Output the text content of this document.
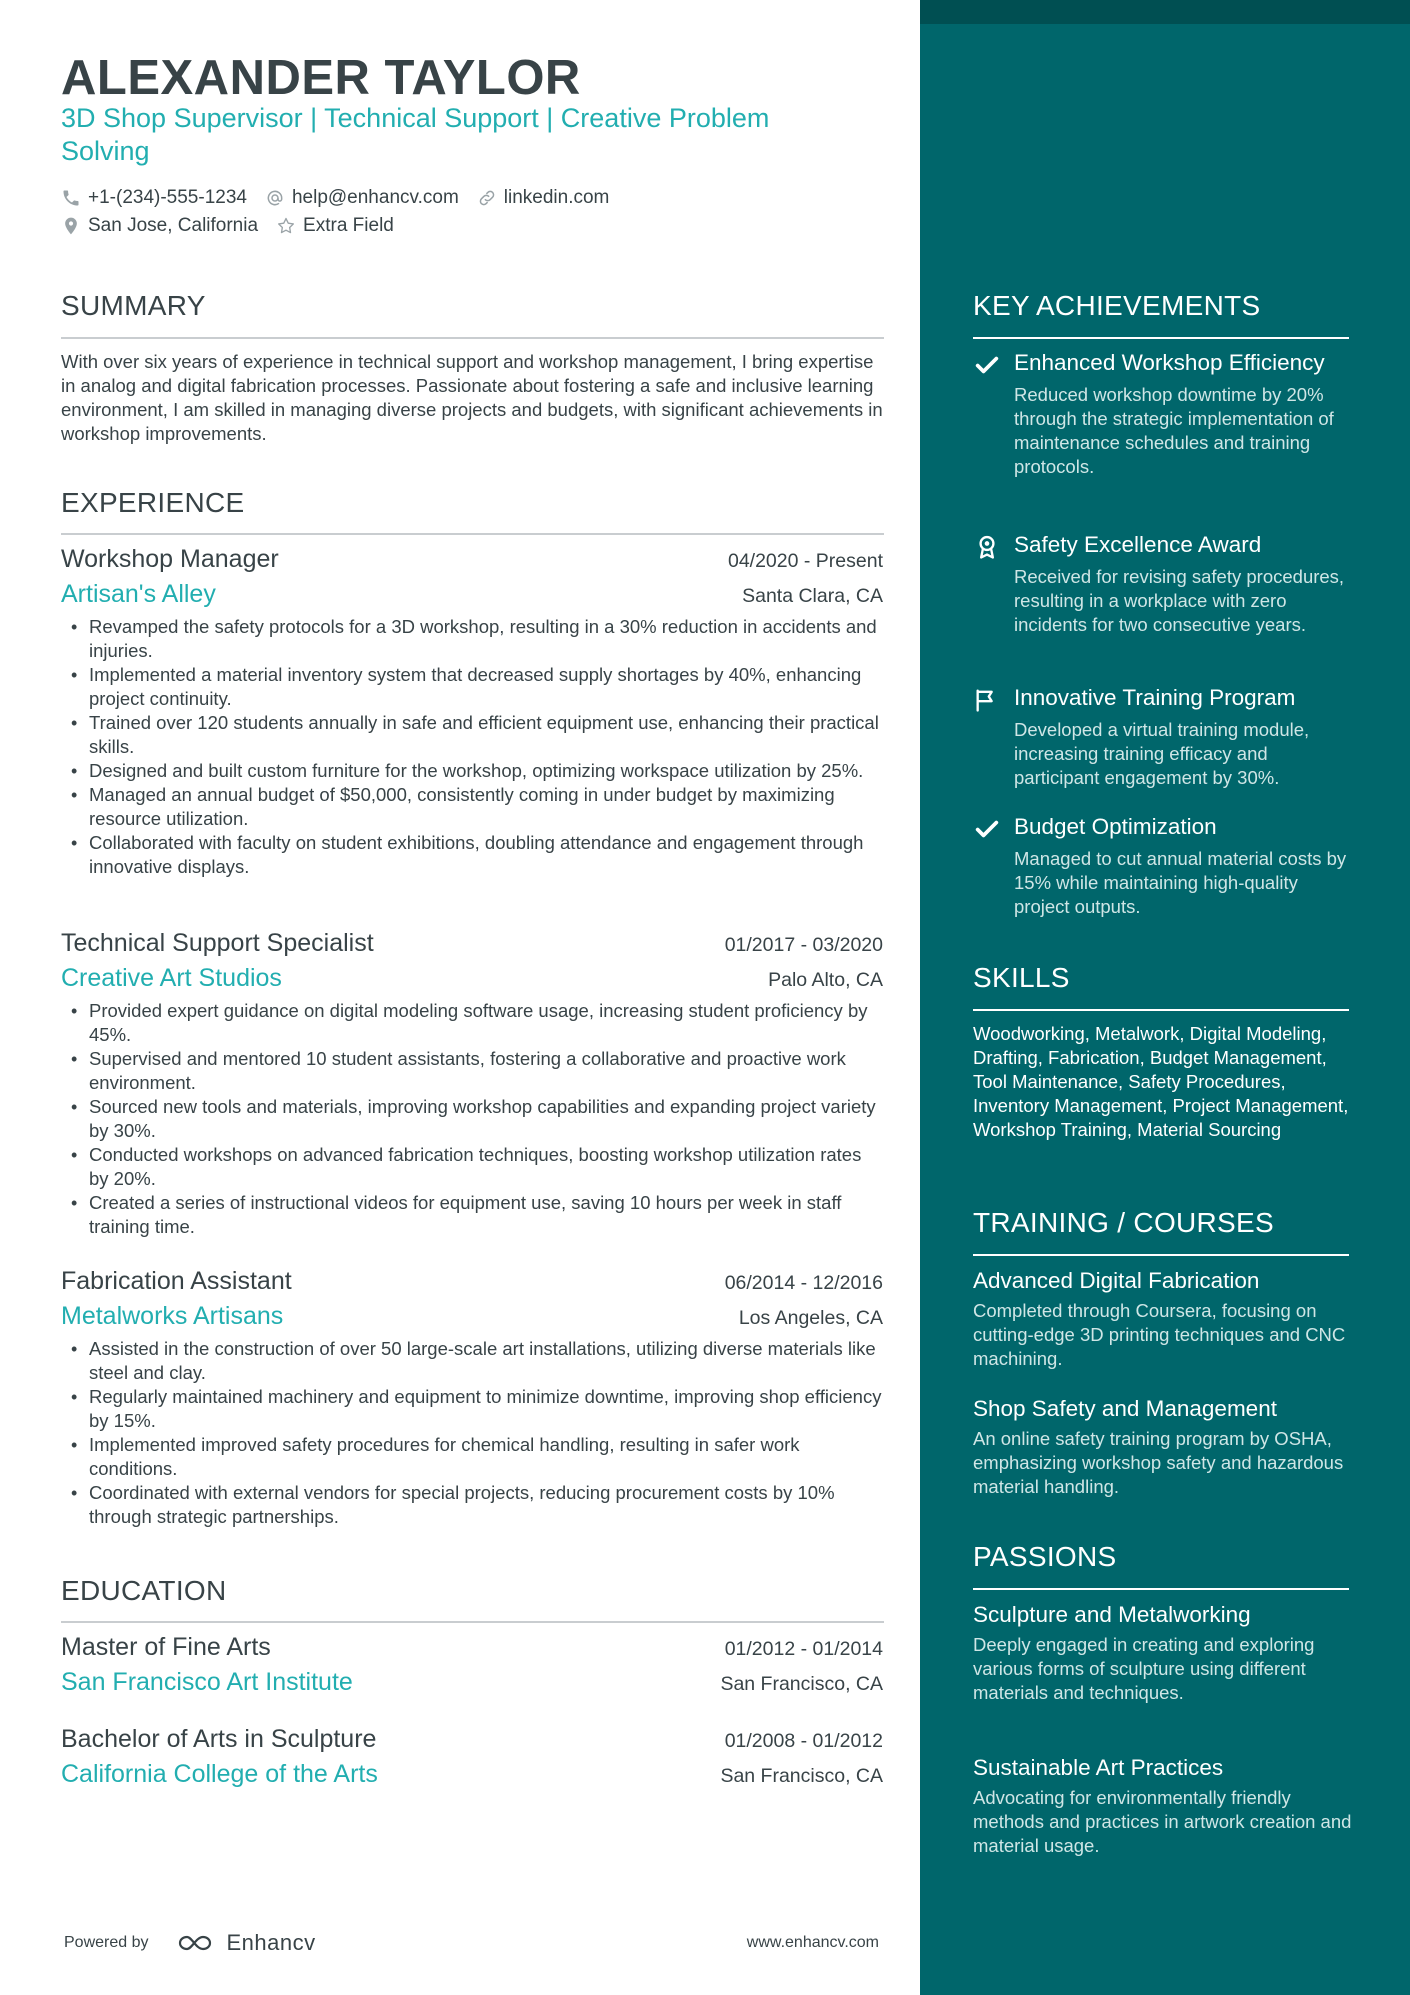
ALEXANDER TAYLOR
3D Shop Supervisor | Technical Support | Creative Problem Solving
+1-(234)-555-1234 help@enhancv.com linkedin.com
San Jose, California Extra Field
SUMMARY
With over six years of experience in technical support and workshop management, I bring expertise in analog and digital fabrication processes. Passionate about fostering a safe and inclusive learning environment, I am skilled in managing diverse projects and budgets, with significant achievements in workshop improvements.
EXPERIENCE
Workshop Manager	04/2020 - Present
Artisan's Alley	Santa Clara, CA
• Revamped the safety protocols for a 3D workshop, resulting in a 30% reduction in accidents and injuries.
• Implemented a material inventory system that decreased supply shortages by 40%, enhancing project continuity.
• Trained over 120 students annually in safe and efficient equipment use, enhancing their practical skills.
• Designed and built custom furniture for the workshop, optimizing workspace utilization by 25%.
• Managed an annual budget of $50,000, consistently coming in under budget by maximizing resource utilization.
• Collaborated with faculty on student exhibitions, doubling attendance and engagement through innovative displays.
Technical Support Specialist	01/2017 - 03/2020
Creative Art Studios	Palo Alto, CA
• Provided expert guidance on digital modeling software usage, increasing student proficiency by 45%.
• Supervised and mentored 10 student assistants, fostering a collaborative and proactive work environment.
• Sourced new tools and materials, improving workshop capabilities and expanding project variety by 30%.
• Conducted workshops on advanced fabrication techniques, boosting workshop utilization rates by 20%.
• Created a series of instructional videos for equipment use, saving 10 hours per week in staff training time.
Fabrication Assistant	06/2014 - 12/2016
Metalworks Artisans	Los Angeles, CA
• Assisted in the construction of over 50 large-scale art installations, utilizing diverse materials like steel and clay.
• Regularly maintained machinery and equipment to minimize downtime, improving shop efficiency by 15%.
• Implemented improved safety procedures for chemical handling, resulting in safer work conditions.
• Coordinated with external vendors for special projects, reducing procurement costs by 10% through strategic partnerships.
EDUCATION
Master of Fine Arts	01/2012 - 01/2014
San Francisco Art Institute	San Francisco, CA
Bachelor of Arts in Sculpture	01/2008 - 01/2012
California College of the Arts	San Francisco, CA
Powered by	Enhancv	www.enhancv.com
KEY ACHIEVEMENTS
Enhanced Workshop Efficiency
Reduced workshop downtime by 20% through the strategic implementation of maintenance schedules and training protocols.
Safety Excellence Award
Received for revising safety procedures, resulting in a workplace with zero incidents for two consecutive years.
Innovative Training Program
Developed a virtual training module, increasing training efficacy and participant engagement by 30%.
Budget Optimization
Managed to cut annual material costs by 15% while maintaining high-quality project outputs.
SKILLS
Woodworking, Metalwork, Digital Modeling, Drafting, Fabrication, Budget Management, Tool Maintenance, Safety Procedures, Inventory Management, Project Management, Workshop Training, Material Sourcing
TRAINING / COURSES
Advanced Digital Fabrication
Completed through Coursera, focusing on cutting-edge 3D printing techniques and CNC machining.
Shop Safety and Management
An online safety training program by OSHA, emphasizing workshop safety and hazardous material handling.
PASSIONS
Sculpture and Metalworking
Deeply engaged in creating and exploring various forms of sculpture using different materials and techniques.
Sustainable Art Practices
Advocating for environmentally friendly methods and practices in artwork creation and material usage.
